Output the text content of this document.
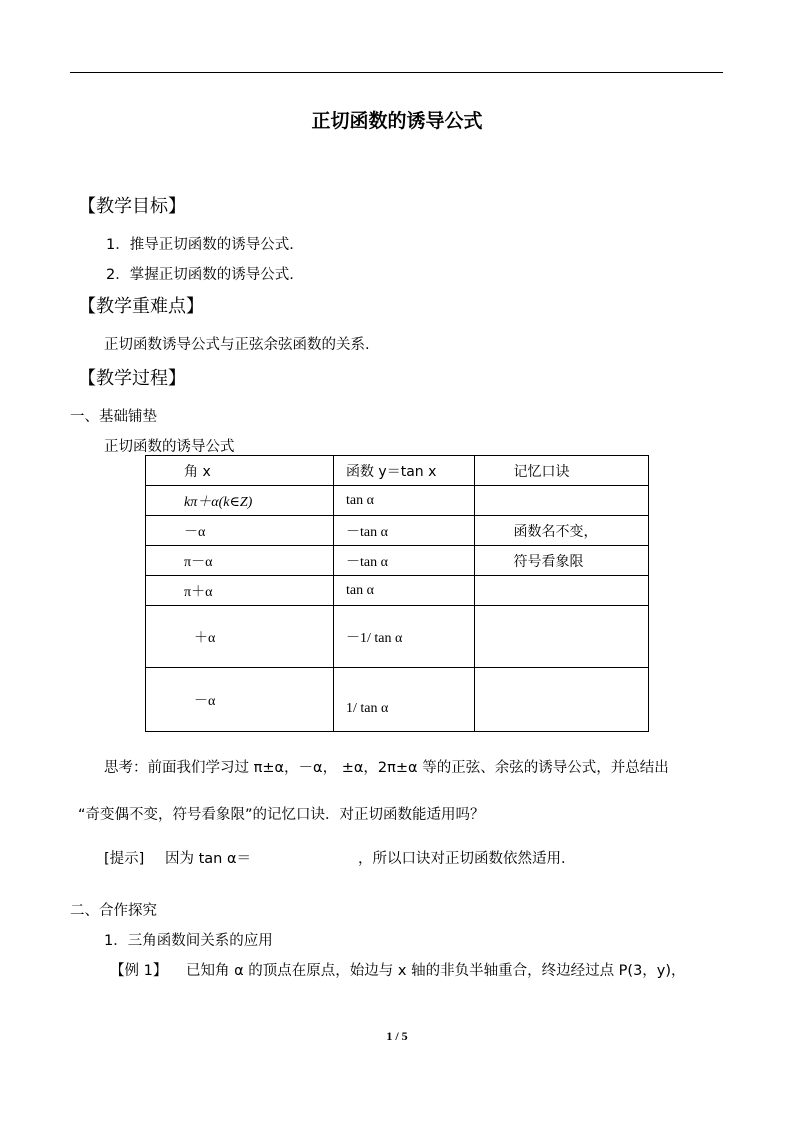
正切函数的诱导公式
【教学目标】
1．推导正切函数的诱导公式.
2．掌握正切函数的诱导公式.
【教学重难点】
正切函数诱导公式与正弦余弦函数的关系.
【教学过程】
一、基础铺垫
正切函数的诱导公式
角 x	函数 y＝tan x	记忆口诀
kπ＋α(k∈Z)	tan α	
－α	－tan α	函数名不变，
π－α	－tan α	符号看象限
π＋α	tan α	
＋α	－1/ tan α	
－α	1/ tan α	
思考：前面我们学习过 π±α，－α， ±α，2π±α 等的正弦、余弦的诱导公式，并总结出
“奇变偶不变，符号看象限”的记忆口诀．对正切函数能适用吗？
[提示] 因为 tan α＝	，所以口诀对正切函数依然适用．
二、合作探究
1．三角函数间关系的应用
【例 1】 已知角 α 的顶点在原点，始边与 x 轴的非负半轴重合，终边经过点 P(3，y)，
1 / 5
